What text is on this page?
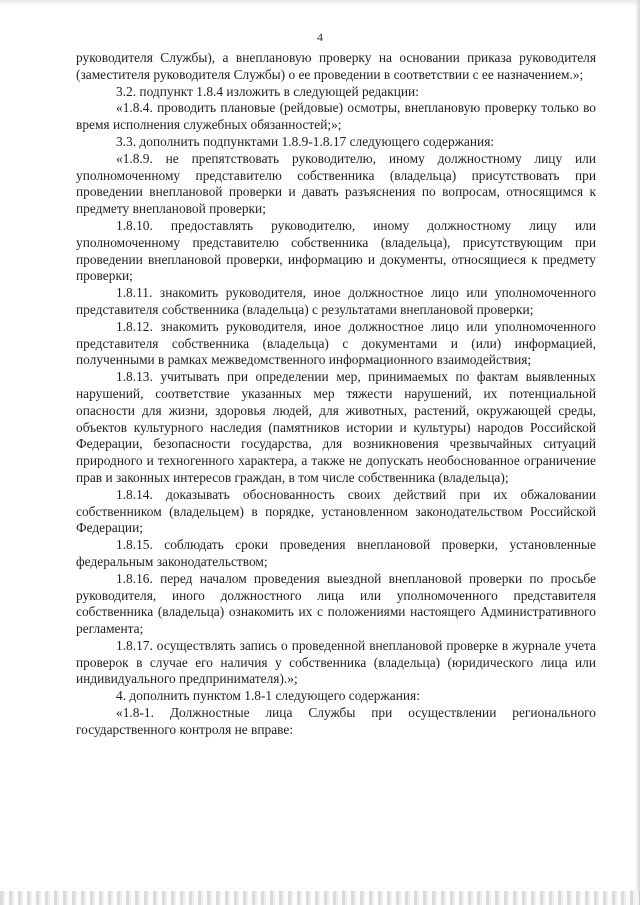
4

руководителя Службы), а внеплановую проверку на основании приказа руководителя (заместителя руководителя Службы) о ее проведении в соответствии с ее назначением.»;

3.2. подпункт 1.8.4 изложить в следующей редакции:

«1.8.4. проводить плановые (рейдовые) осмотры, внеплановую проверку только во время исполнения служебных обязанностей;»;

3.3. дополнить подпунктами 1.8.9-1.8.17 следующего содержания:

«1.8.9. не препятствовать руководителю, иному должностному лицу или уполномоченному представителю собственника (владельца) присутствовать при проведении внеплановой проверки и давать разъяснения по вопросам, относящимся к предмету внеплановой проверки;

1.8.10. предоставлять руководителю, иному должностному лицу или уполномоченному представителю собственника (владельца), присутствующим при проведении внеплановой проверки, информацию и документы, относящиеся к предмету проверки;

1.8.11. знакомить руководителя, иное должностное лицо или уполномоченного представителя собственника (владельца) с результатами внеплановой проверки;

1.8.12. знакомить руководителя, иное должностное лицо или уполномоченного представителя собственника (владельца) с документами и (или) информацией, полученными в рамках межведомственного информационного взаимодействия;

1.8.13. учитывать при определении мер, принимаемых по фактам выявленных нарушений, соответствие указанных мер тяжести нарушений, их потенциальной опасности для жизни, здоровья людей, для животных, растений, окружающей среды, объектов культурного наследия (памятников истории и культуры) народов Российской Федерации, безопасности государства, для возникновения чрезвычайных ситуаций природного и техногенного характера, а также не допускать необоснованное ограничение прав и законных интересов граждан, в том числе собственника (владельца);

1.8.14. доказывать обоснованность своих действий при их обжаловании собственником (владельцем) в порядке, установленном законодательством Российской Федерации;

1.8.15. соблюдать сроки проведения внеплановой проверки, установленные федеральным законодательством;

1.8.16. перед началом проведения выездной внеплановой проверки по просьбе руководителя, иного должностного лица или уполномоченного представителя собственника (владельца) ознакомить их с положениями настоящего Административного регламента;

1.8.17. осуществлять запись о проведенной внеплановой проверке в журнале учета проверок в случае его наличия у собственника (владельца) (юридического лица или индивидуального предпринимателя).»;

4. дополнить пунктом 1.8-1 следующего содержания:

«1.8-1. Должностные лица Службы при осуществлении регионального государственного контроля не вправе:
